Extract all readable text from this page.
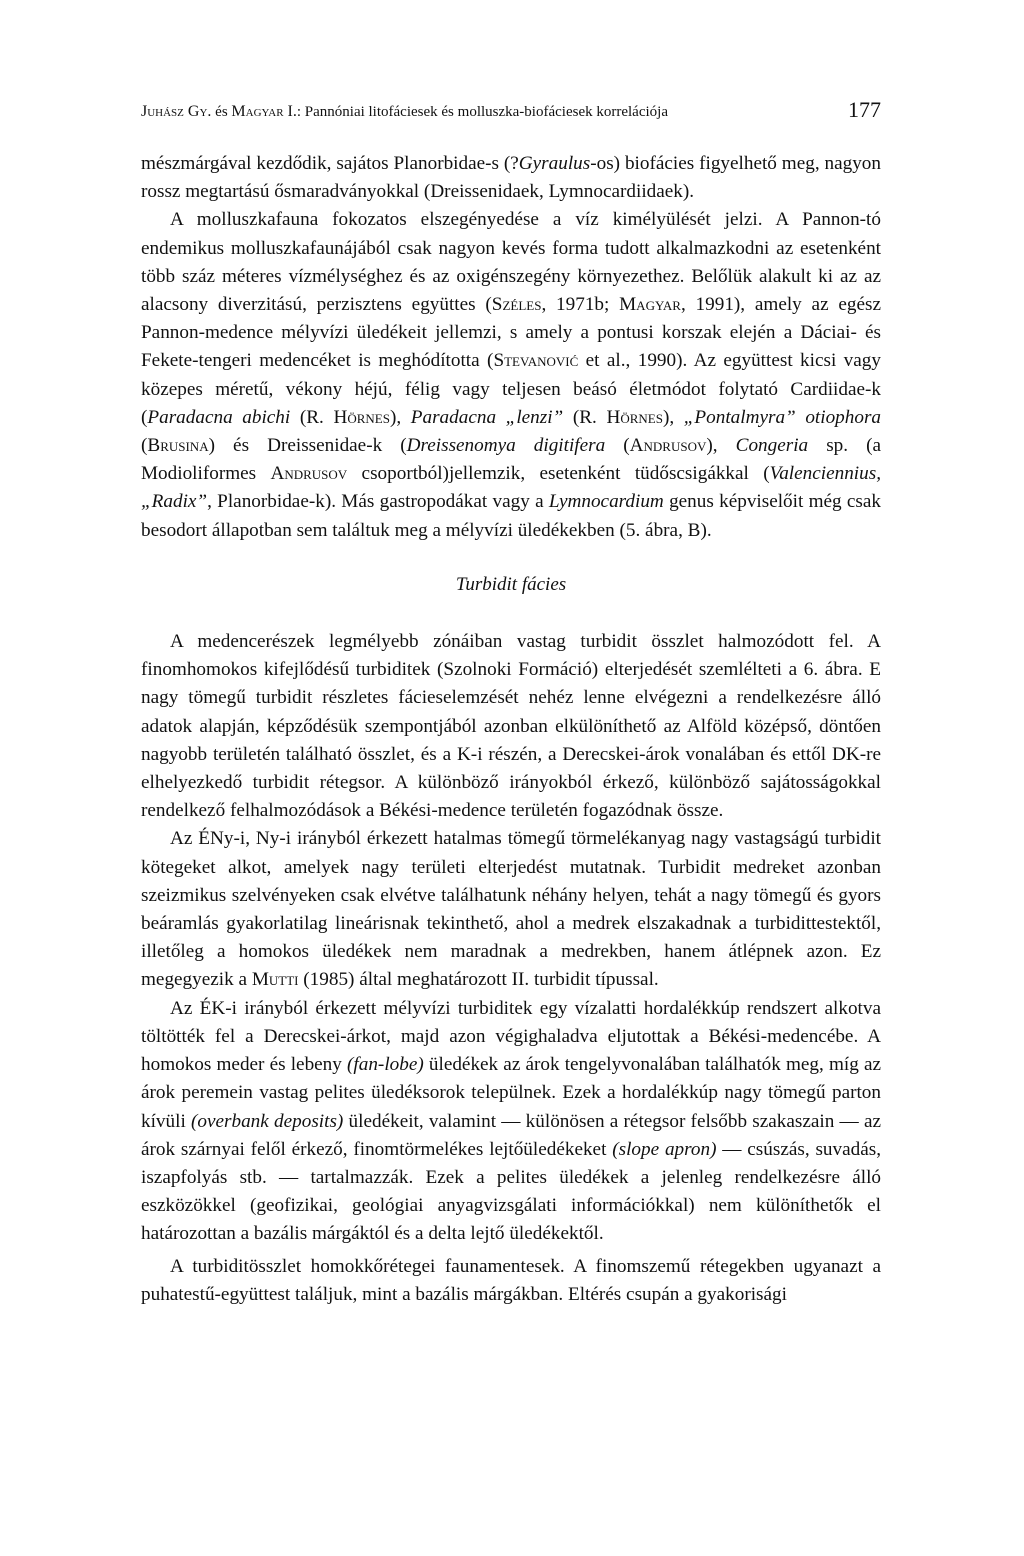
Juhász Gy. és Magyar I.: Pannóniai litofáciesek és molluszka-biofáciesek korrelációja	177

mészmárgával kezdődik, sajátos Planorbidae-s (?Gyraulus-os) biofácies figyelhető meg, nagyon rossz megtartású ősmaradványokkal (Dreissenidaek, Lymnocardiidaek).

A molluszkafauna fokozatos elszegényedése a víz kimélyülését jelzi. A Pannon-tó endemikus molluszkafaunájából csak nagyon kevés forma tudott alkalmazkodni az esetenként több száz méteres vízmélységhez és az oxigénszegény környezethez. Belőlük alakult ki az az alacsony diverzitású, perzisztens együttes (Széles, 1971b; Magyar, 1991), amely az egész Pannon-medence mélyvízi üledékeit jellemzi, s amely a pontusi korszak elején a Dáciai- és Fekete-tengeri medencéket is meghódította (Stevanović et al., 1990). Az együttest kicsi vagy közepes méretű, vékony héjú, félig vagy teljesen beásó életmódot folytató Cardiidae-k (Paradacna abichi (R. Hörnes), Paradacna „lenzi” (R. Hörnes), „Pontalmyra” otiophora (Brusina) és Dreissenidae-k (Dreissenomya digitifera (Andrusov), Congeria sp. (a Modioliformes Andrusov csoportból)jellemzik, esetenként tüdőscsigákkal (Valenciennius, „Radix”, Planorbidae-k). Más gastropodákat vagy a Lymnocardium genus képviselőit még csak besodort állapotban sem találtuk meg a mélyvízi üledékekben (5. ábra, B).

Turbidit fácies

A medencerészek legmélyebb zónáiban vastag turbidit összlet halmozódott fel. A finomhomokos kifejlődésű turbiditek (Szolnoki Formáció) elterjedését szemlélteti a 6. ábra. E nagy tömegű turbidit részletes fácieselemzését nehéz lenne elvégezni a rendelkezésre álló adatok alapján, képződésük szempontjából azonban elkülöníthető az Alföld középső, döntően nagyobb területén található összlet, és a K-i részén, a Derecskei-árok vonalában és ettől DK-re elhelyezkedő turbidit rétegsor. A különböző irányokból érkező, különböző sajátosságokkal rendelkező felhalmozódások a Békési-medence területén fogazódnak össze.

Az ÉNy-i, Ny-i irányból érkezett hatalmas tömegű törmelékanyag nagy vastagságú turbidit kötegeket alkot, amelyek nagy területi elterjedést mutatnak. Turbidit medreket azonban szeizmikus szelvényeken csak elvétve találhatunk néhány helyen, tehát a nagy tömegű és gyors beáramlás gyakorlatilag lineárisnak tekinthető, ahol a medrek elszakadnak a turbidittestektől, illetőleg a homokos üledékek nem maradnak a medrekben, hanem átlépnek azon. Ez megegyezik a Mutti (1985) által meghatározott II. turbidit típussal.

Az ÉK-i irányból érkezett mélyvízi turbiditek egy vízalatti hordalékkúp rendszert alkotva töltötték fel a Derecskei-árkot, majd azon végighaladva eljutottak a Békési-medencébe. A homokos meder és lebeny (fan-lobe) üledékek az árok tengelyvonalában találhatók meg, míg az árok peremein vastag pelites üledéksorok települnek. Ezek a hordalékkúp nagy tömegű parton kívüli (overbank deposits) üledékeit, valamint — különösen a rétegsor felsőbb szakaszain — az árok szárnyai felől érkező, finomtörmelékes lejtőüledékeket (slope apron) — csúszás, suvadás, iszapfolyás stb. — tartalmazzák. Ezek a pelites üledékek a jelenleg rendelkezésre álló eszközökkel (geofizikai, geológiai anyagvizsgálati információkkal) nem különíthetők el határozottan a bazális márgáktól és a delta lejtő üledékektől.

A turbiditösszlet homokkőrétegei faunamentesek. A finomszemű rétegekben ugyanazt a puhatestű-együttest találjuk, mint a bazális márgákban. Eltérés csupán a gyakorisági
